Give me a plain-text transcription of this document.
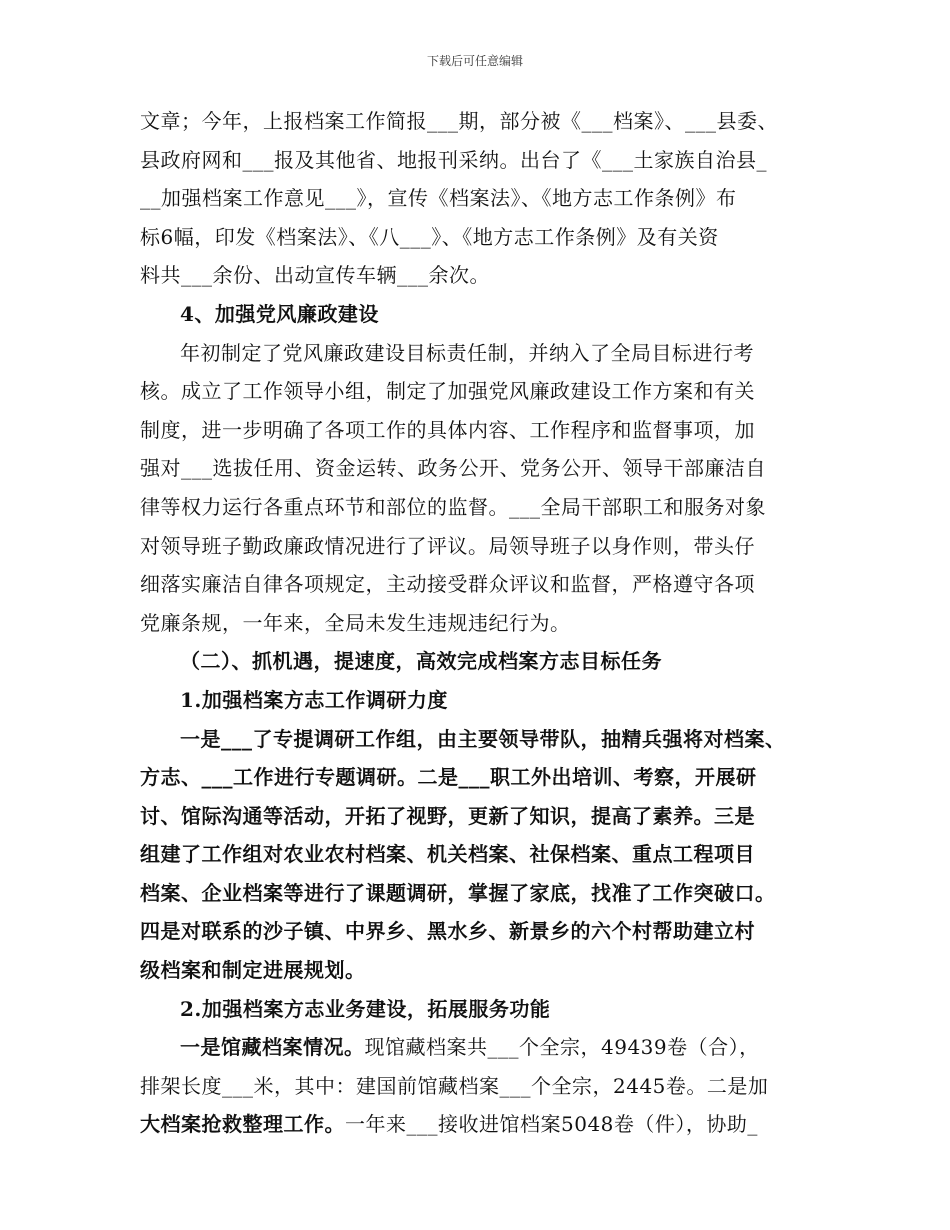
下载后可任意编辑
文章；今年，上报档案工作简报___期，部分被《___档案》、___县委、
县政府网和___报及其他省、地报刊采纳。出台了《___土家族自治县_
__加强档案工作意见___》，宣传《档案法》、《地方志工作条例》布
标6幅，印发《档案法》、《八___》、《地方志工作条例》及有关资
料共___余份、出动宣传车辆___余次。
4、加强党风廉政建设
年初制定了党风廉政建设目标责任制，并纳入了全局目标进行考
核。成立了工作领导小组，制定了加强党风廉政建设工作方案和有关
制度，进一步明确了各项工作的具体内容、工作程序和监督事项，加
强对___选拔任用、资金运转、政务公开、党务公开、领导干部廉洁自
律等权力运行各重点环节和部位的监督。___全局干部职工和服务对象
对领导班子勤政廉政情况进行了评议。局领导班子以身作则，带头仔
细落实廉洁自律各项规定，主动接受群众评议和监督，严格遵守各项
党廉条规，一年来，全局未发生违规违纪行为。
（二）、抓机遇，提速度，高效完成档案方志目标任务
1.加强档案方志工作调研力度
一是___了专提调研工作组，由主要领导带队，抽精兵强将对档案、
方志、___工作进行专题调研。二是___职工外出培训、考察，开展研
讨、馆际沟通等活动，开拓了视野，更新了知识，提高了素养。三是
组建了工作组对农业农村档案、机关档案、社保档案、重点工程项目
档案、企业档案等进行了课题调研，掌握了家底，找准了工作突破口。
四是对联系的沙子镇、中界乡、黑水乡、新景乡的六个村帮助建立村
级档案和制定进展规划。
2.加强档案方志业务建设，拓展服务功能
一是馆藏档案情况。现馆藏档案共___个全宗，49439卷（合），
排架长度___米，其中：建国前馆藏档案___个全宗，2445卷。二是加
大档案抢救整理工作。一年来___接收进馆档案5048卷（件），协助_
